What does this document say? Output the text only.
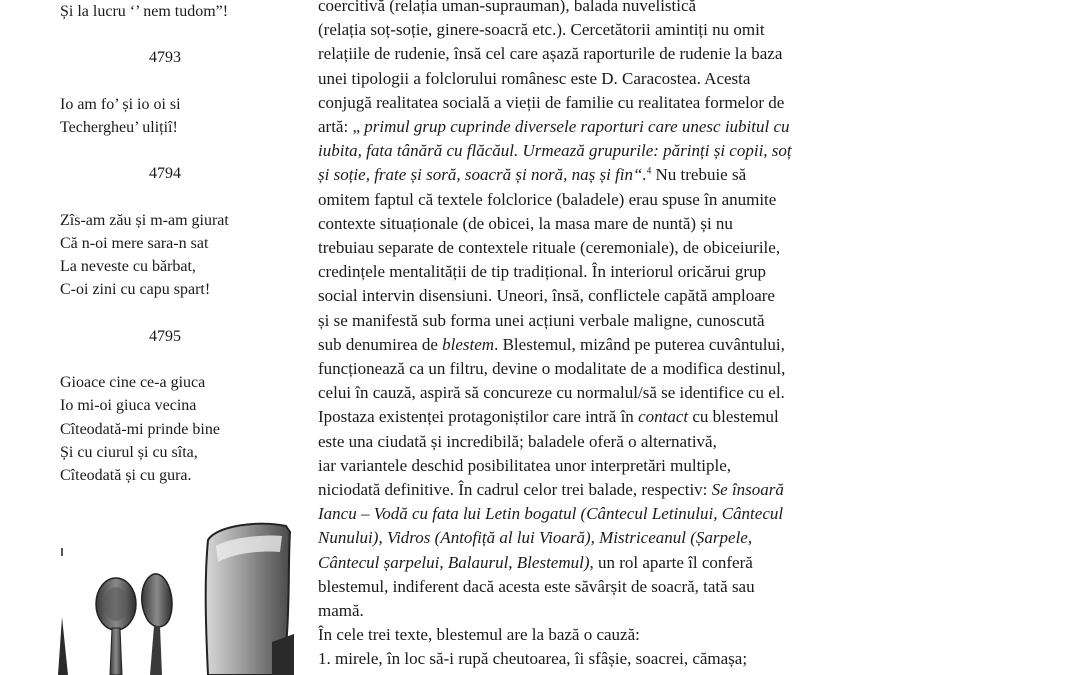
Și la lucru ‘’ nem tudom”!
4793
Io am fo’ și io oi si
Techergheu’ ulițiî!
4794
Zîs-am zău și m-am giurat
Că n-oi mere sara-n sat
La neveste cu bărbat,
C-oi zini cu capu spart!
4795
Gioace cine ce-a giuca
Io mi-oi giuca vecina
Cîteodată-mi prinde bine
Și cu ciurul și cu sîta,
Cîteodată și cu gura.
coercitivă (relația uman-suprauman), balada nuvelistică
(relația soț-soție, ginere-soacră etc.). Cercetătorii amintiți nu omit
relațiile de rudenie, însă cel care așază raporturile de rudenie la baza
unei tipologii a folclorului românesc este D. Caracostea. Acesta
conjugă realitatea socială a vieții de familie cu realitatea formelor de
artă: „ primul grup cuprinde diversele raporturi care unesc iubitul cu
iubita, fata tânără cu flăcăul. Urmează grupurile: părinți și copii, soț
și soție, frate și soră, soacră și noră, naș și fin“.$^4$ Nu trebuie să
omitem faptul că textele folclorice (baladele) erau spuse în anumite
contexte situaționale (de obicei, la masa mare de nuntă) și nu
trebuiau separate de contextele rituale (ceremoniale), de obiceiurile,
credințele mentalității de tip tradițional. În interiorul oricărui grup
social intervin disensiuni. Uneori, însă, conflictele capătă amploare
și se manifestă sub forma unei acțiuni verbale maligne, cunoscută
sub denumirea de blestem. Blestemul, mizând pe puterea cuvântului,
funcționează ca un filtru, devine o modalitate de a modifica destinul,
celui în cauză, aspiră să concureze cu normalul/să se identifice cu el.
Ipostaza existenței protagoniștilor care intră în contact cu blestemul
este una ciudată și incredibilă; baladele oferă o alternativă,
iar variantele deschid posibilitatea unor interpretări multiple,
niciodată definitive. În cadrul celor trei balade, respectiv: Se însoară
Iancu – Vodă cu fata lui Letin bogatul (Cântecul Letinului, Cântecul
Nunului), Vidros (Antofiță al lui Vioară), Mistriceanul (Șarpele,
Cântecul șarpelui, Balaurul, Blestemul), un rol aparte îl conferă
blestemul, indiferent dacă acesta este săvârșit de soacră, tată sau
mamă.
În cele trei texte, blestemul are la bază o cauză:
1. mirele, în loc să-i rupă cheutoarea, îi sfâșie, soacrei, cămașa;
